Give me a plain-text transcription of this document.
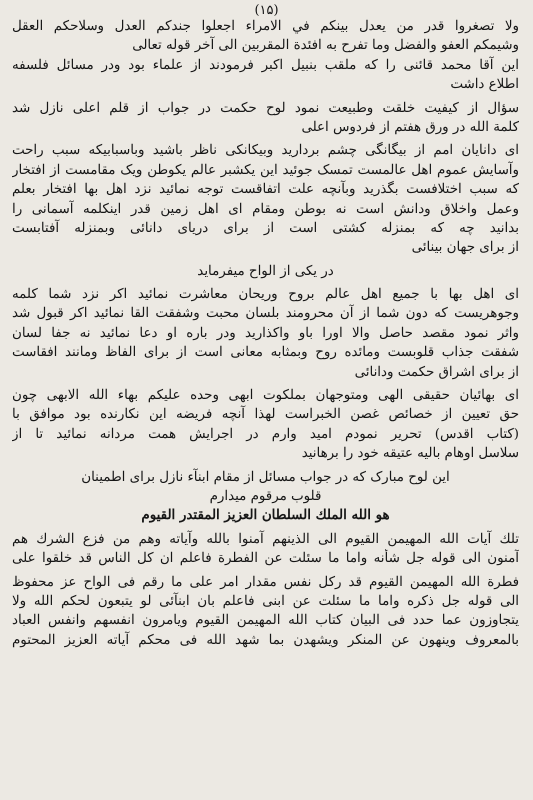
(۱۵)
ولا تصغروا قدر من يعدل بينكم في الامراء اجعلوا جندكم العدل وسلاحكم العقل
وشيمكم العفو والفضل وما تفرح به افئدة المقربين الى آخر قوله تعالى
این آقا محمد قائنی را که ملقب بنبیل اکبر فرمودند از علماء بود ودر مسائل فلسفه
اطلاع داشت
سؤال از کیفیت خلقت وطبیعت نمود لوح حکمت در جواب از قلم اعلی نازل شد
کلمة الله در ورق هفتم از فردوس اعلی
ای دانایان امم از بیگانگی چشم بردارید وبیکانکی ناظر باشید وباسبابیکه سبب راحت
وآسایش عموم اهل عالمست تمسک جوئید این یکشبر عالم یکوطن ویک مقامست از افتخار
که سبب اختلافست بگذرید وبآنچه علت اتفاقست توجه نمائید نزد اهل بها افتخار بعلم
وعمل واخلاق ودانش است نه بوطن ومقام ای اهل زمین قدر اینکلمه آسمانی را
بدانید چه که بمنزله کشتی است از برای دریای دانائی وبمنزله آفتابست
از برای جهان بینائی
در یکی از الواح میفرماید
ای اهل بها با جمیع اهل عالم بروح وریحان معاشرت نمائید اکر نزد شما کلمه
وجوهریست که دون شما از آن محرومند بلسان محبت وشفقت القا نمائید اکر قبول شد
واثر نمود مقصد حاصل والا اورا باو واکذارید ودر باره او دعا نمائید نه جفا لسان
شفقت جذاب قلوبست ومائده روح وبمثابه معانی است از برای الفاظ ومانند افقاست
از برای اشراق حکمت ودانائی
ای بهائیان حقیقی الهی ومتوجهان بملکوت ابهی وحده علیکم بهاء الله الابهی چون
حق تعیین از خصائص غصن الخبراست لهذا آنچه فریضه این نکارنده بود موافق با
(کتاب اقدس) تحریر نمودم امید وارم در اجرایش همت مردانه نمائید تا از
سلاسل اوهام بالیه عتیقه خود را برهانید
این لوح مبارک که در جواب مسائل از مقام ابنآء نازل برای اطمینان
قلوب مرقوم میدارم
هو الله الملك السلطان العزيز المقتدر القيوم
تلك آيات الله المهيمن القيوم الى الذينهم آمنوا بالله وآياته وهم من فزع الشرك هم
آمنون الى قوله جل شأنه واما ما سئلت عن الفطرة فاعلم ان كل الناس قد خلقوا على
فطرة الله المهيمن القيوم قد رکل نفس مقدار امر على ما رقم فى الواح عز محفوظ
الى قوله جل ذكره واما ما سئلت عن ابنى فاعلم بان ابنآئى لو يتبعون لحكم الله ولا
يتجاوزون عما حدد فى البيان كتاب الله المهيمن القيوم ويامرون انفسهم وانفس العباد
بالمعروف وينهون عن المنكر ويشهدن بما شهد الله فى محكم آياته العزيز المحتوم
